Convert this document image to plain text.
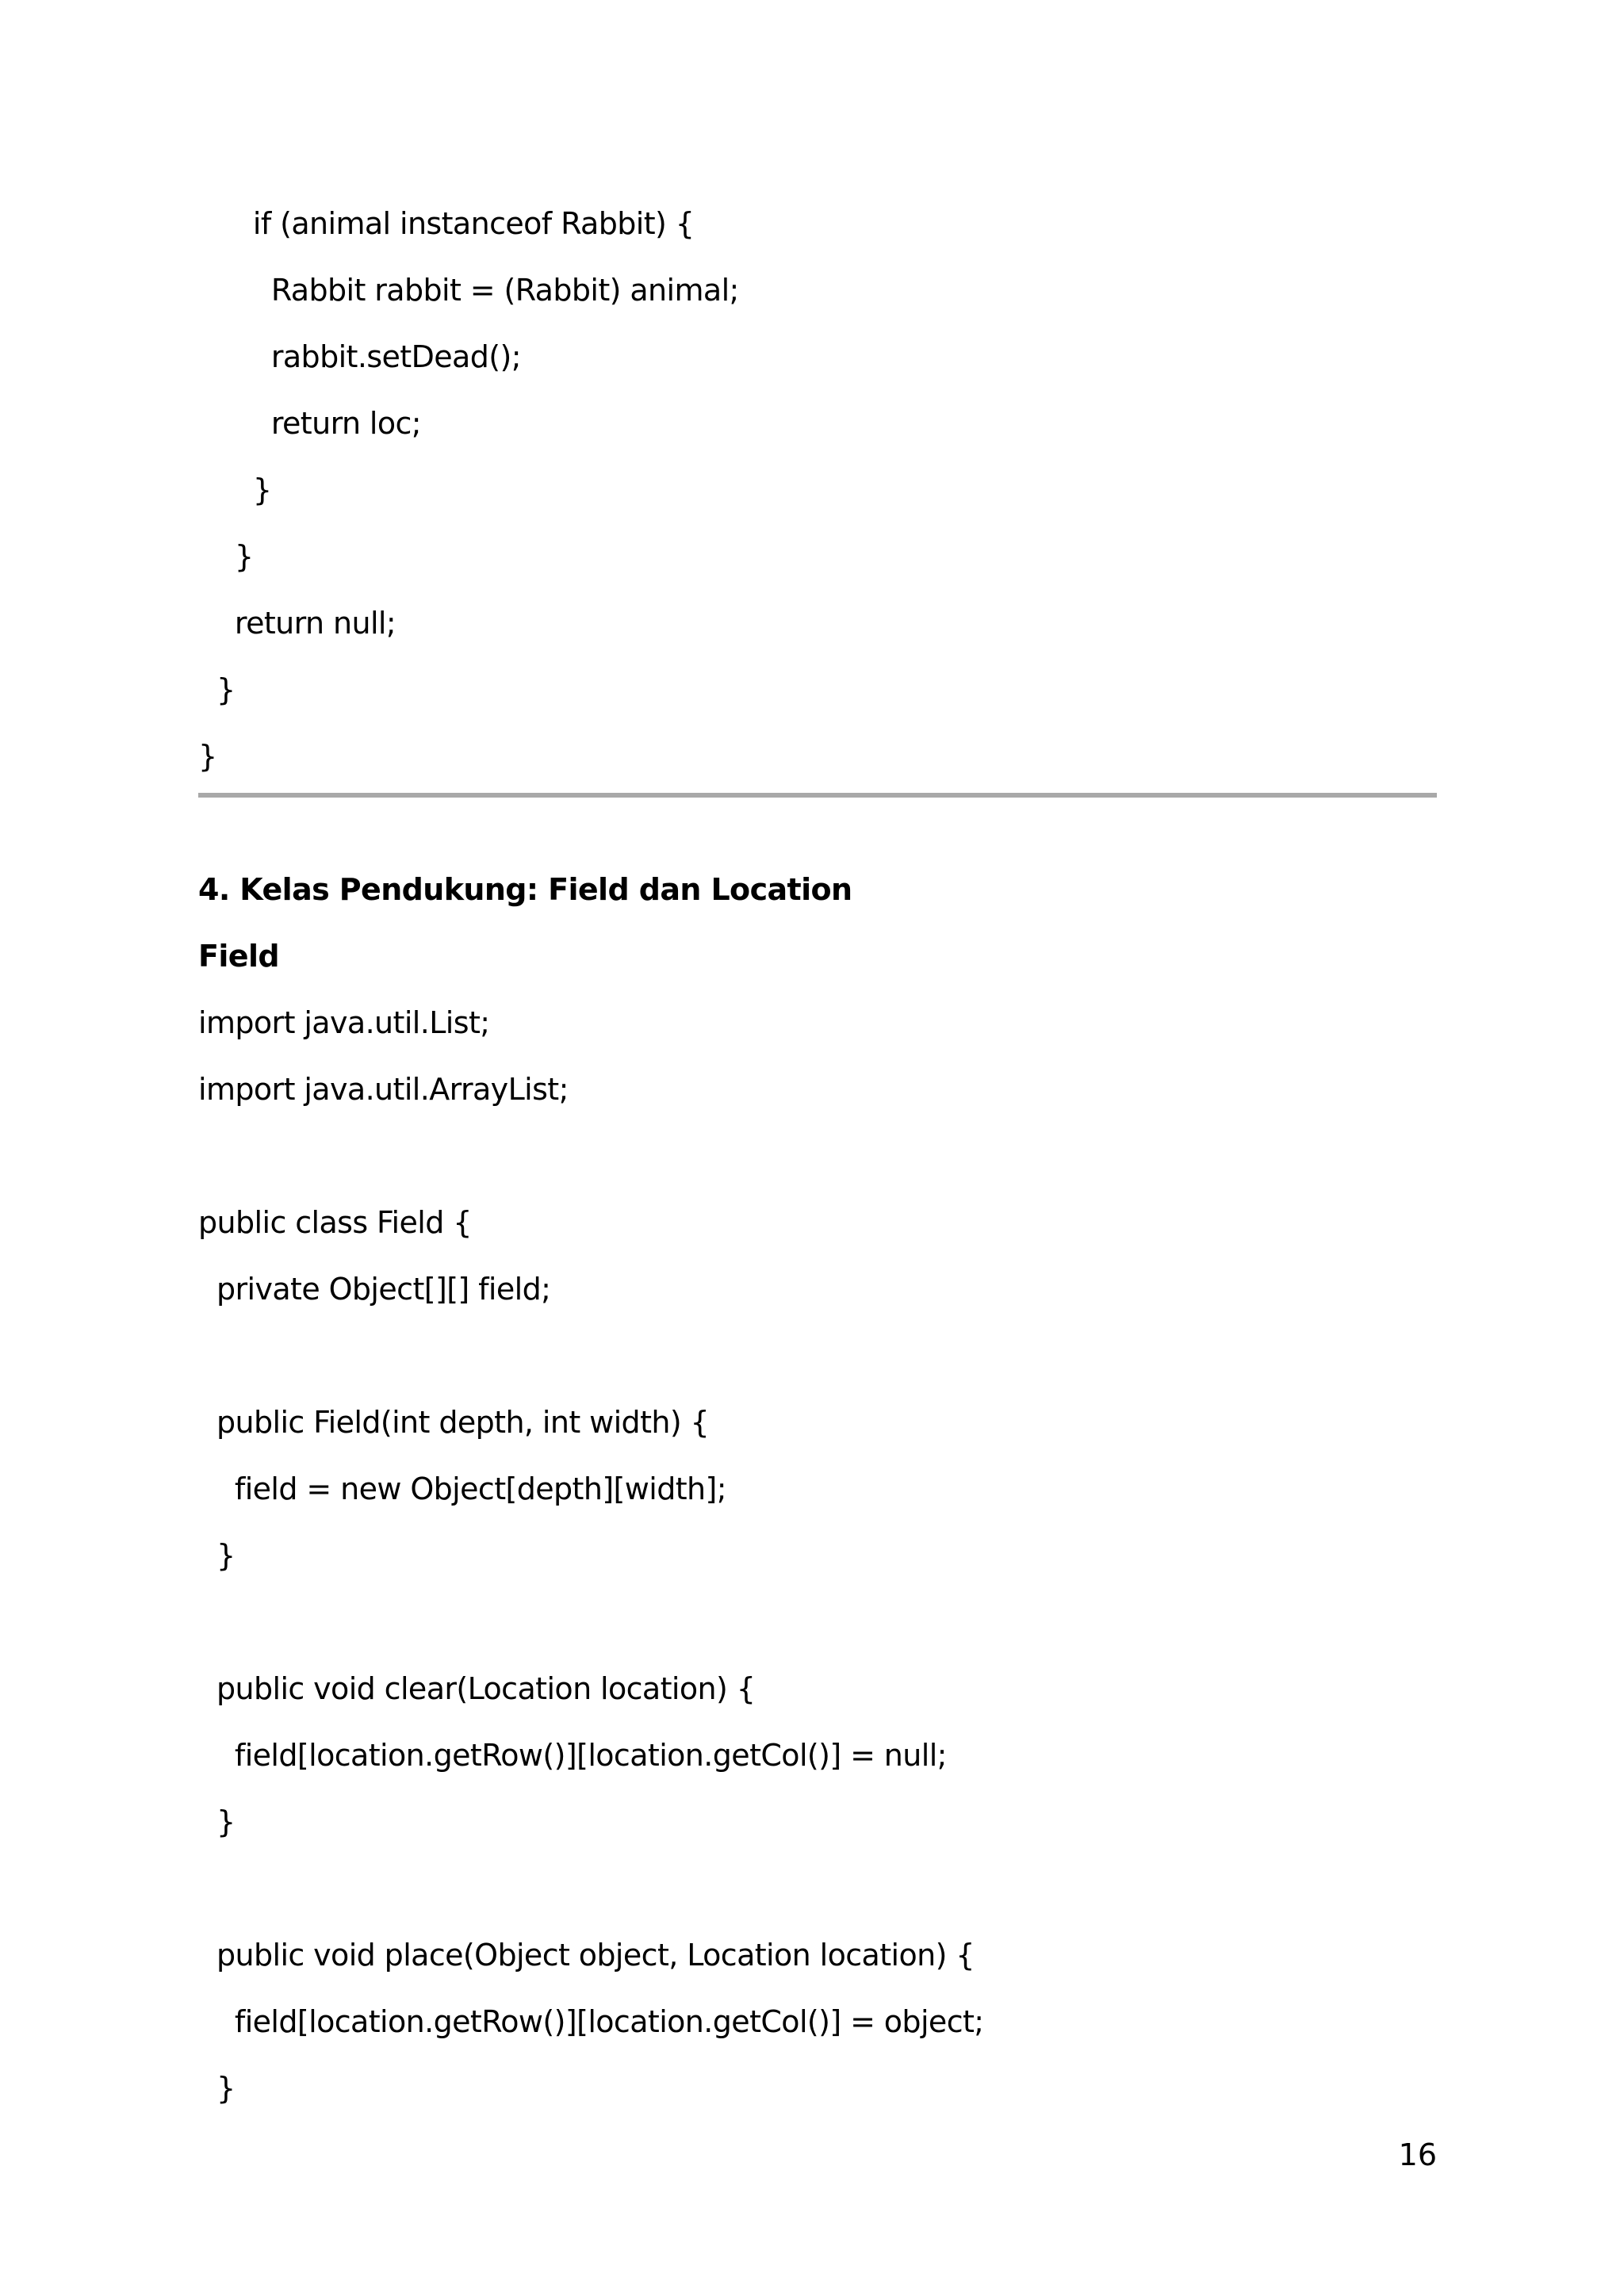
if (animal instanceof Rabbit) {
Rabbit rabbit = (Rabbit) animal;
rabbit.setDead();
return loc;
}
}
return null;
}
}
4. Kelas Pendukung: Field dan Location
Field
import java.util.List;
import java.util.ArrayList;
public class Field {
private Object[][] field;
public Field(int depth, int width) {
field = new Object[depth][width];
}
public void clear(Location location) {
field[location.getRow()][location.getCol()] = null;
}
public void place(Object object, Location location) {
field[location.getRow()][location.getCol()] = object;
}
16
